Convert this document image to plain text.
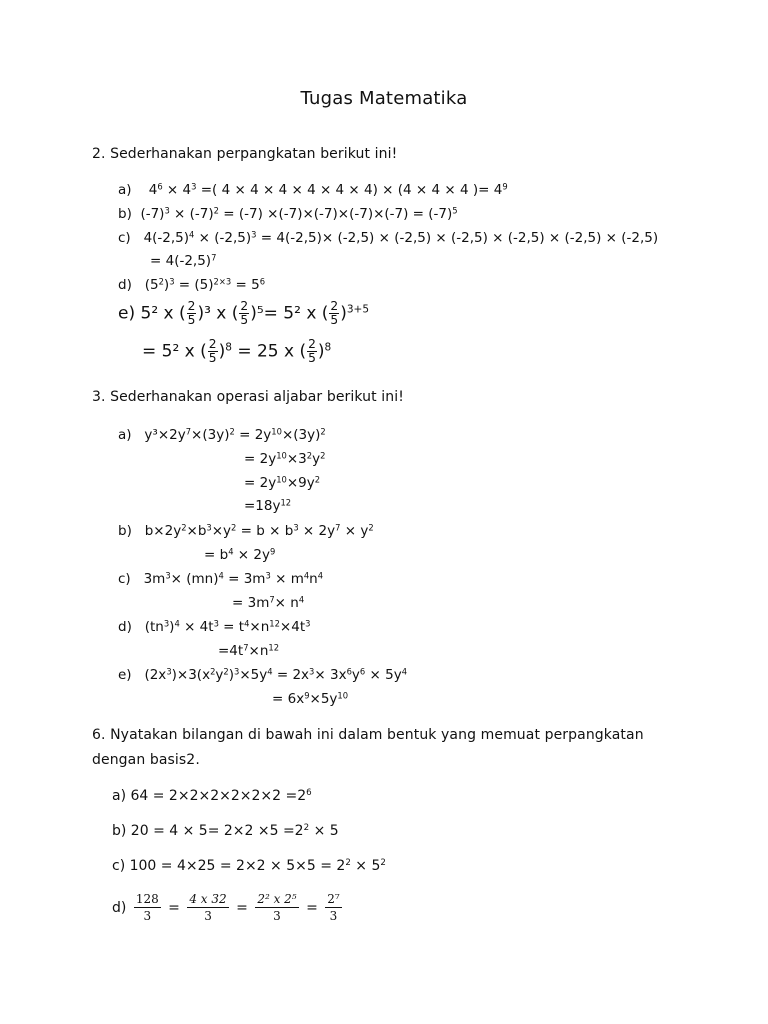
Tugas Matematika
2. Sederhanakan perpangkatan berikut ini!
a) $4^6 \times 4^3$ =( 4 × 4 × 4 × 4 × 4 × 4) × (4 × 4 × 4 )= $4^9$
b) $(-7)^3 \times (-7)^2 = (-7) \times(-7)\times(-7)\times(-7)\times(-7) = (-7)^5$
c) $4(-2,5)^4 \times (-2,5)^3 = 4(-2,5)\times (-2,5) \times (-2,5) \times (-2,5) \times (-2,5) \times (-2,5) \times (-2,5)$
= $4(-2,5)^7$
d) $(5^2)^3 = (5)^{2\times 3} = 5^6$
e) 5² x ( $\frac{2}{5} )^3$ x ( $\frac{2}{5} )^5= 5^2$ x ( $\frac{2}{5} )^{3+5}$
= 5² x ( $\frac{2}{5} )^8 = 25$ x ( $\frac{2}{5} )^8$
3. Sederhanakan operasi aljabar berikut ini!
a) $y^3\times 2y^7\times(3y)^2 = 2y^{10}\times(3y)^2$
= $2y^{10}\times 3^2y^2$
= $2y^{10}\times 9y^2$
$=18y^{12}$
b) $b\times 2y^2\times b^3\times y^2 = b \times b^3 \times 2y^7 \times y^2$
= $b^4 \times 2y^9$
c) $3m^3\times (mn)^4 = 3m^3 \times m^4n^4$
= $3m^7\times n^4$
d) $(tn^3)^4 \times 4t^3 = t^4\times n^{12}\times 4t^3$
$=4t^7\times n^{12}$
e) $(2x^3)\times 3(x^2y^2)^3\times 5y^4 = 2x^3\times 3x^6y^6 \times 5y^4$
= $6x^9\times 5y^{10}$
6. Nyatakan bilangan di bawah ini dalam bentuk yang memuat perpangkatan
dengan basis2.
a) $64 = 2\times 2\times 2\times 2\times 2\times 2 =2^6$
b) $20 = 4 \times 5= 2\times 2 \times 5 =2^2 \times 5$
c) $100 = 4\times 25 = 2\times 2 \times 5\times 5 = 2^2 \times 5^2$
$d) \frac{128}{3} = \frac{4 x 32}{3} = \frac{\text{2² x 2⁵}}{3} = \frac{\text{2⁷}}{3}$
